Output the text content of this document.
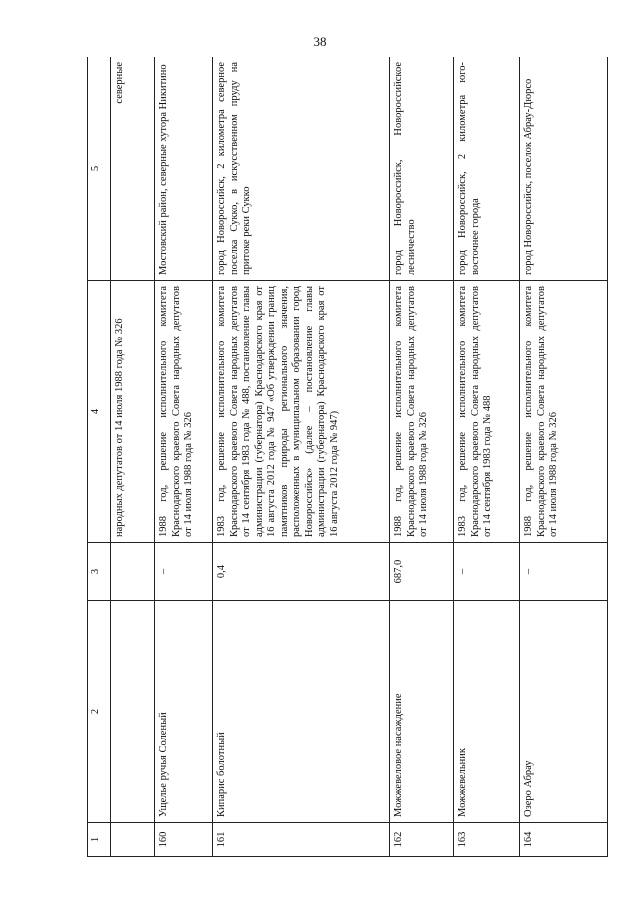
38
1	2	3	4	5
			народных депутатов от 14 июля 1988 года № 326	северные
160	Ущелье ручья Соленый	–	1988 год, решение исполнительного комитета Краснодарского краевого Совета народных депутатов от 14 июля 1988 года № 326	Мостовский район, северные хутора Никитино
161	Кипарис болотный	0,4	1983 год, решение исполнительного комитета Краснодарского краевого Совета народных депутатов от 14 сентября 1983 года № 488, постановление главы администрации (губернатора) Краснодарского края от 16 августа 2012 года № 947 «Об утверждении границ памятников природы регионального значения, расположенных в муниципальном образовании город Новороссийск» (далее – постановление главы администрации (губернатора) Краснодарского края от 16 августа 2012 года № 947)	город Новороссийск, 2 километра северное поселка Сукко, в искусственном пруду на притоке реки Сукко
162	Можжевеловое насаждение	687,0	1988 год, решение исполнительного комитета Краснодарского краевого Совета народных депутатов от 14 июля 1988 года № 326	город Новороссийск, Новороссийское лесничество
163	Можжевельник	–	1983 год, решение исполнительного комитета Краснодарского краевого Совета народных депутатов от 14 сентября 1983 года № 488	город Новороссийск, 2 километра юго-восточнее города
164	Озеро Абрау	–	1988 год, решение исполнительного комитета Краснодарского краевого Совета народных депутатов от 14 июля 1988 года № 326	город Новороссийск, поселок Абрау-Дюрсо
